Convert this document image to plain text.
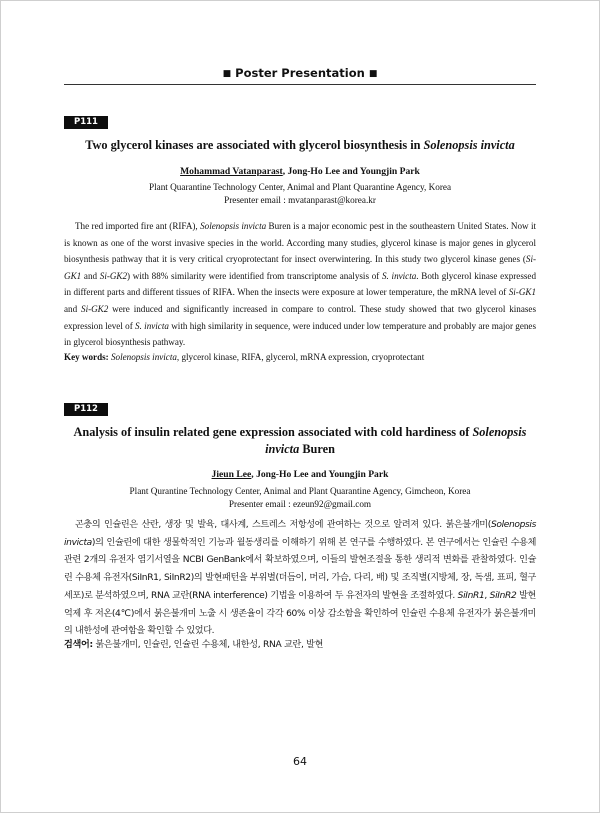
■ Poster Presentation ■
P111
Two glycerol kinases are associated with glycerol biosynthesis in Solenopsis invicta
Mohammad Vatanparast, Jong-Ho Lee and Youngjin Park
Plant Quarantine Technology Center, Animal and Plant Quarantine Agency, Korea
Presenter email : mvatanparast@korea.kr

The red imported fire ant (RIFA), Solenopsis invicta Buren is a major economic pest in the southeastern United States. Now it is known as one of the worst invasive species in the world. According many studies, glycerol kinase is major genes in glycerol biosynthesis pathway that it is very critical cryoprotectant for insect overwintering. In this study two glycerol kinase genes (Si-GK1 and Si-GK2) with 88% similarity were identified from transcriptome analysis of S. invicta. Both glycerol kinase expressed in different parts and different tissues of RIFA. When the insects were exposure at lower temperature, the mRNA level of Si-GK1 and Si-GK2 were induced and significantly increased in compare to control. These study showed that two glycerol kinases expression level of S. invicta with high similarity in sequence, were induced under low temperature and probably are major genes in glycerol biosynthesis pathway.

Key words: Solenopsis invicta, glycerol kinase, RIFA, glycerol, mRNA expression, cryoprotectant
P112
Analysis of insulin related gene expression associated with cold hardiness of Solenopsis invicta Buren
Jieun Lee, Jong-Ho Lee and Youngjin Park
Plant Qurantine Technology Center, Animal and Plant Quarantine Agency, Gimcheon, Korea
Presenter email : ezeun92@gmail.com

곤충의 인슐린은 산란, 생장 및 발육, 대사계, 스트레스 저항성에 관여하는 것으로 알려져 있다. 붉은불개미(Solenopsis invicta)의 인슐린에 대한 생물학적인 기능과 월동생리를 이해하기 위해 본 연구를 수행하였다. 본 연구에서는 인슐린 수용체 관련 2개의 유전자 염기서열을 NCBI GenBank에서 확보하였으며, 이들의 발현조절을 통한 생리적 변화를 관찰하였다. 인슐린 수용체 유전자(SiInR1, SiInR2)의 발현패턴을 부위별(더듬이, 머리, 가슴, 다리, 배) 및 조직별(지방체, 장, 독샘, 표피, 혈구세포)로 분석하였으며, RNA 교란(RNA interference) 기법을 이용하여 두 유전자의 발현을 조절하였다. SiInR1, SiInR2 발현 억제 후 저온(4℃)에서 붉은불개미 노출 시 생존율이 각각 60% 이상 감소함을 확인하여 인슐린 수용체 유전자가 붉은불개미의 내한성에 관여함을 확인할 수 있었다.

검색어: 붉은불개미, 인슐린, 인슐린 수용체, 내한성, RNA 교란, 발현
64
